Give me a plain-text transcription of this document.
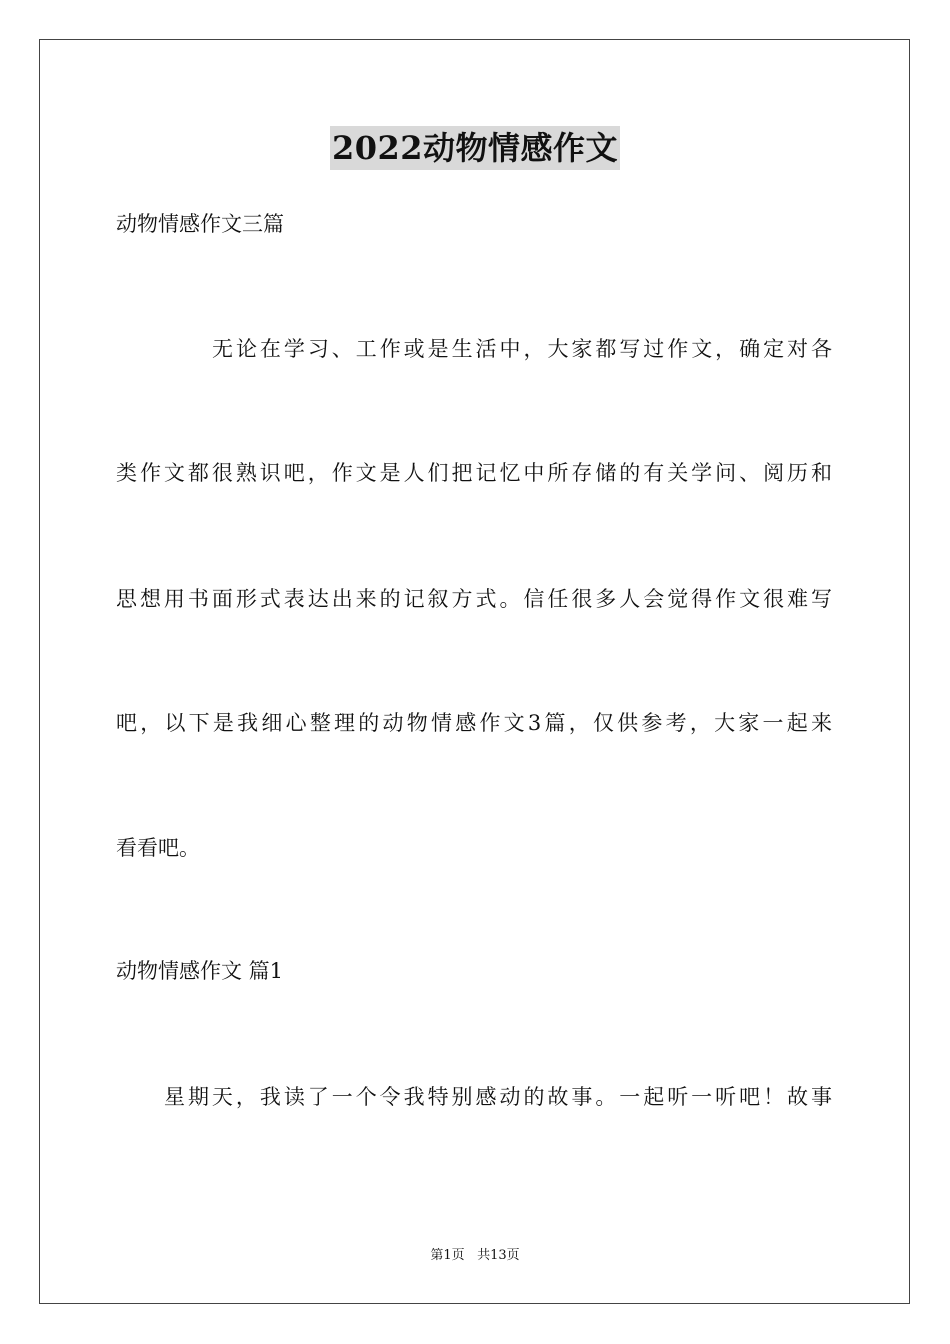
2022动物情感作文
动物情感作文三篇
无论在学习、工作或是生活中，大家都写过作文，确定对各
类作文都很熟识吧，作文是人们把记忆中所存储的有关学问、阅历和
思想用书面形式表达出来的记叙方式。信任很多人会觉得作文很难写
吧，以下是我细心整理的动物情感作文3篇，仅供参考，大家一起来
看看吧。
动物情感作文 篇1
星期天，我读了一个令我特别感动的故事。一起听一听吧！故事
第1页 共13页
